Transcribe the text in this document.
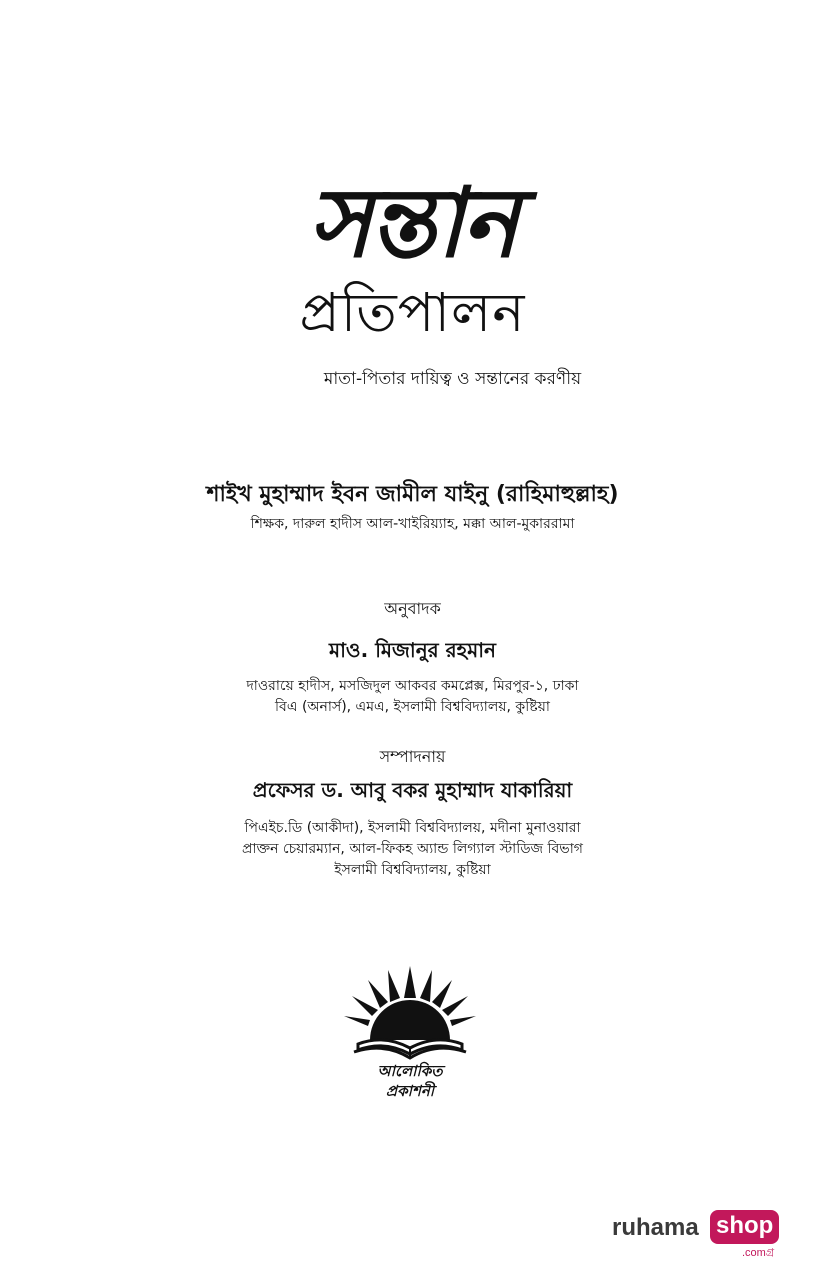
সন্তান
প্রতিপালন
মাতা-পিতার দায়িত্ব ও সন্তানের করণীয়
শাইখ মুহাম্মাদ ইবন জামীল যাইনু (রাহিমাহুল্লাহ)
শিক্ষক, দারুল হাদীস আল-খাইরিয়্যাহ, মক্কা আল-মুকাররামা
অনুবাদক
মাও. মিজানুর রহমান
দাওরায়ে হাদীস, মসজিদুল আকবর কমপ্লেক্স, মিরপুর-১, ঢাকা
বিএ (অনার্স), এমএ, ইসলামী বিশ্ববিদ্যালয়, কুষ্টিয়া
সম্পাদনায়
প্রফেসর ড. আবু বকর মুহাম্মাদ যাকারিয়া
পিএইচ.ডি (আকীদা), ইসলামী বিশ্ববিদ্যালয়, মদীনা মুনাওয়ারা
প্রাক্তন চেয়ারম্যান, আল-ফিকহ অ্যান্ড লিগ্যাল স্টাডিজ বিভাগ
ইসলামী বিশ্ববিদ্যালয়, কুষ্টিয়া
আলোকিত
প্রকাশনী
ruhama shop
.comগ্র
